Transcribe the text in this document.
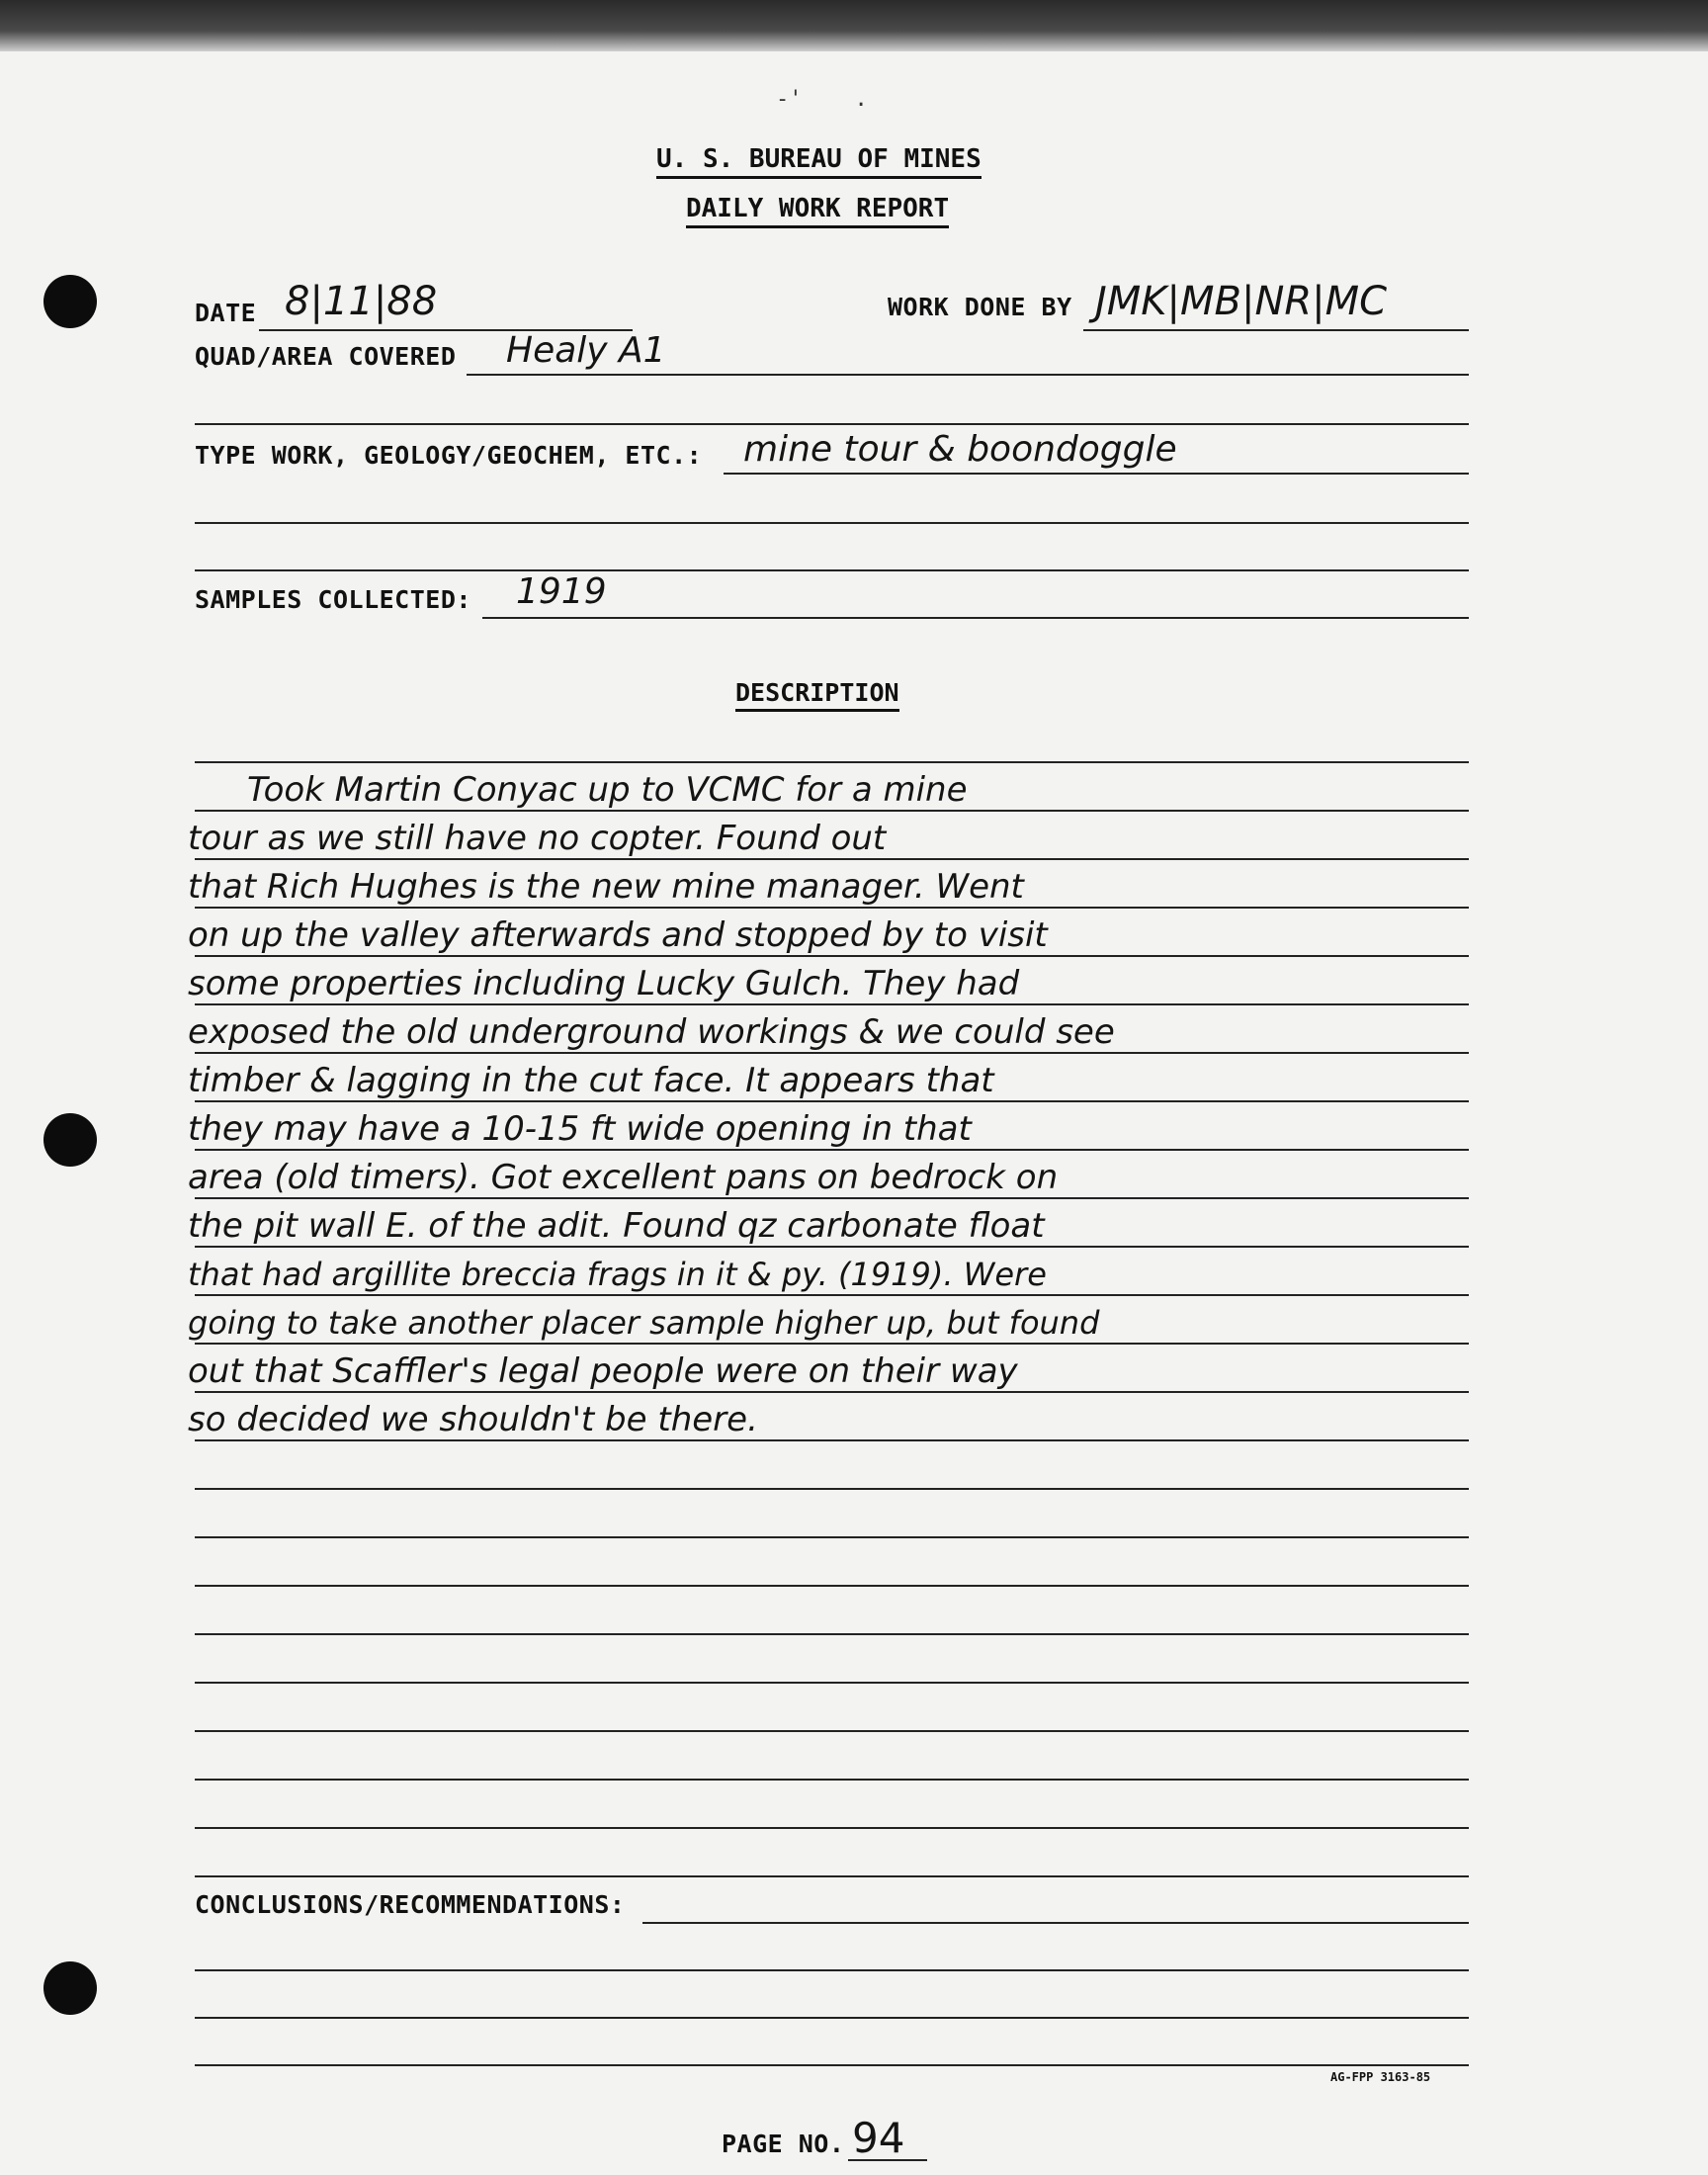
-'    .
U. S. BUREAU OF MINES
DAILY WORK REPORT
DATE 8|11|88	WORK DONE BY JMK|MB|NR|MC
QUAD/AREA COVERED Healy A1
TYPE WORK, GEOLOGY/GEOCHEM, ETC.: mine tour & boondoggle
SAMPLES COLLECTED: 1919
DESCRIPTION
Took Martin Conyac up to VCMC for a mine
tour as we still have no copter. Found out
that Rich Hughes is the new mine manager. Went
on up the valley afterwards and stopped by to visit
some properties including Lucky Gulch. They had
exposed the old underground workings & we could see
timber & lagging in the cut face. It appears that
they may have a 10-15 ft wide opening in that
area (old timers). Got excellent pans on bedrock on
the pit wall E. of the adit. Found qz carbonate float
that had argillite breccia frags in it & py. (1919). Were
going to take another placer sample higher up, but found
out that Scaffler's legal people were on their way
so decided we shouldn't be there.
CONCLUSIONS/RECOMMENDATIONS:
AG-FPP 3163-85
PAGE NO. 94
